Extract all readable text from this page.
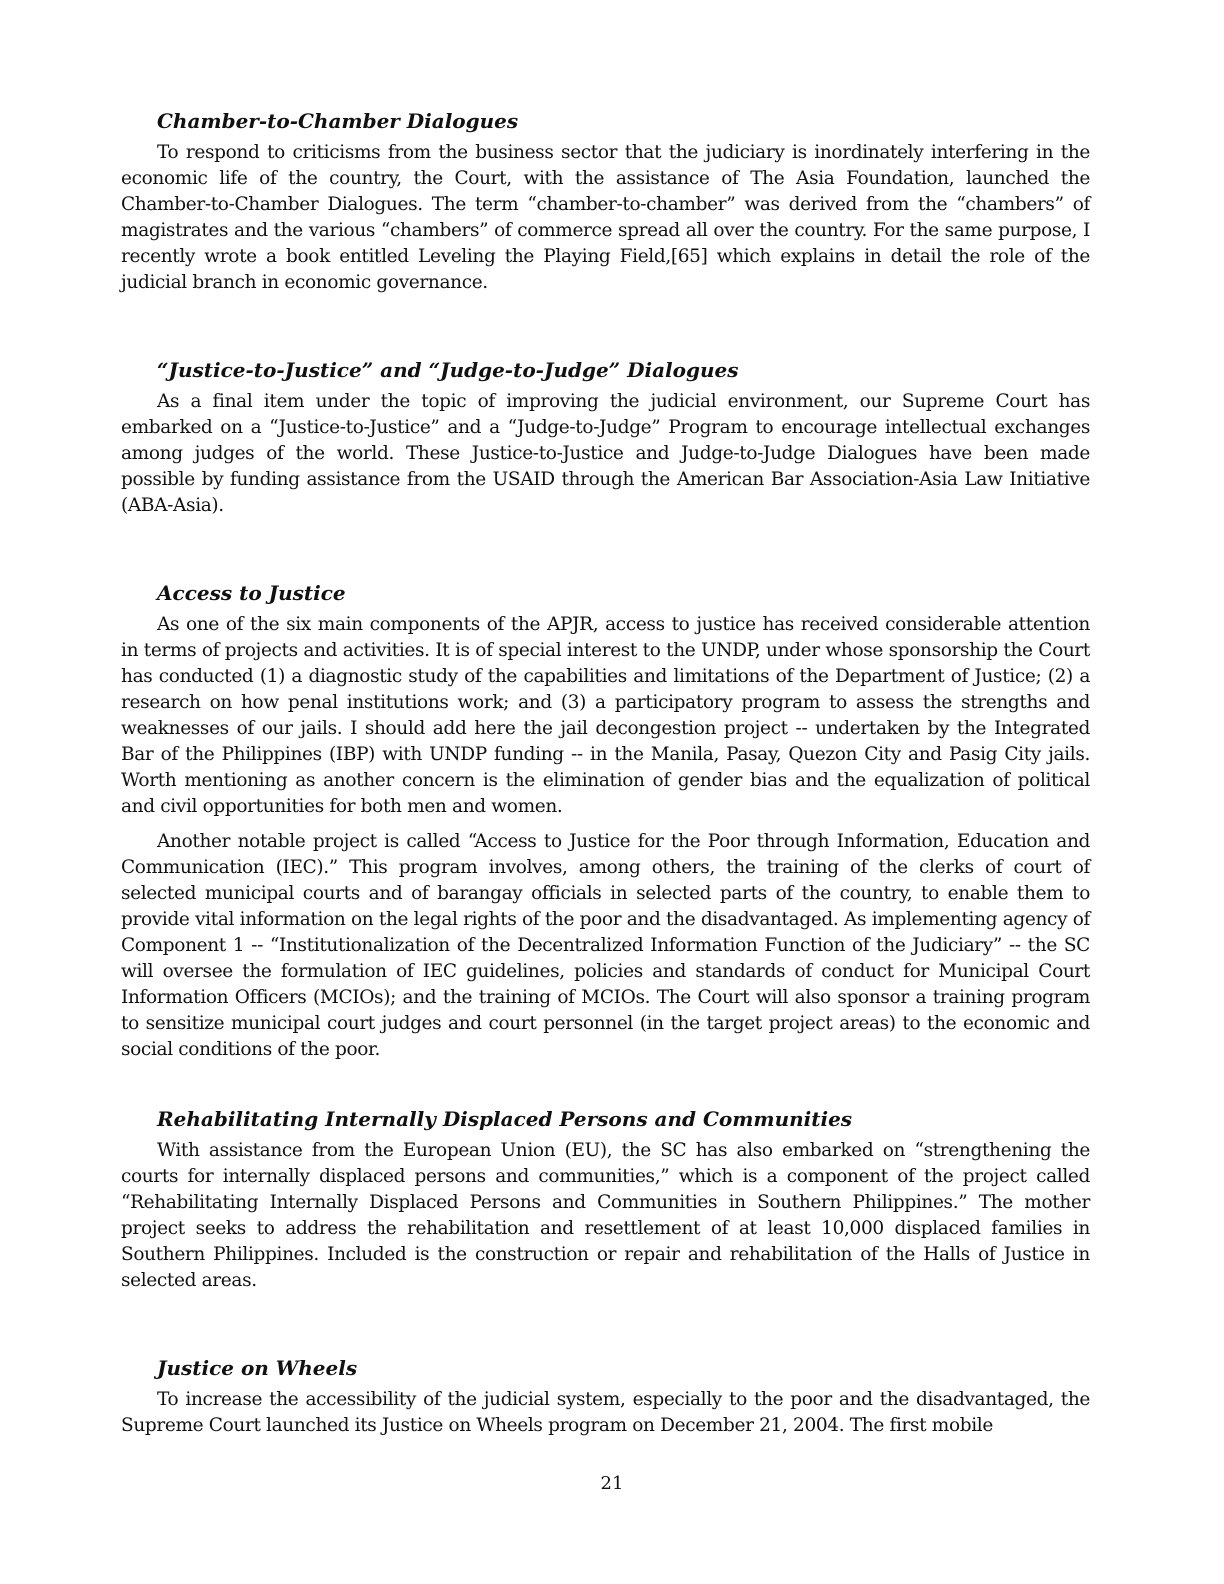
Chamber-to-Chamber Dialogues

To respond to criticisms from the business sector that the judiciary is inordinately interfering in the economic life of the country, the Court, with the assistance of The Asia Foundation, launched the Chamber-to-Chamber Dialogues. The term “chamber-to-chamber” was derived from the “chambers” of magistrates and the various “chambers” of commerce spread all over the country. For the same purpose, I recently wrote a book entitled Leveling the Playing Field,[65] which explains in detail the role of the judicial branch in economic governance.

“Justice-to-Justice” and “Judge-to-Judge” Dialogues

As a final item under the topic of improving the judicial environment, our Supreme Court has embarked on a “Justice-to-Justice” and a “Judge-to-Judge” Program to encourage intellectual exchanges among judges of the world. These Justice-to-Justice and Judge-to-Judge Dialogues have been made possible by funding assistance from the USAID through the American Bar Association-Asia Law Initiative (ABA-Asia).

Access to Justice

As one of the six main components of the APJR, access to justice has received considerable attention in terms of projects and activities. It is of special interest to the UNDP, under whose sponsorship the Court has conducted (1) a diagnostic study of the capabilities and limitations of the Department of Justice; (2) a research on how penal institutions work; and (3) a participatory program to assess the strengths and weaknesses of our jails. I should add here the jail decongestion project -- undertaken by the Integrated Bar of the Philippines (IBP) with UNDP funding -- in the Manila, Pasay, Quezon City and Pasig City jails. Worth mentioning as another concern is the elimination of gender bias and the equalization of political and civil opportunities for both men and women.

Another notable project is called “Access to Justice for the Poor through Information, Education and Communication (IEC).” This program involves, among others, the training of the clerks of court of selected municipal courts and of barangay officials in selected parts of the country, to enable them to provide vital information on the legal rights of the poor and the disadvantaged. As implementing agency of Component 1 -- “Institutionalization of the Decentralized Information Function of the Judiciary” -- the SC will oversee the formulation of IEC guidelines, policies and standards of conduct for Municipal Court Information Officers (MCIOs); and the training of MCIOs. The Court will also sponsor a training program to sensitize municipal court judges and court personnel (in the target project areas) to the economic and social conditions of the poor.

Rehabilitating Internally Displaced Persons and Communities

With assistance from the European Union (EU), the SC has also embarked on “strengthening the courts for internally displaced persons and communities,” which is a component of the project called “Rehabilitating Internally Displaced Persons and Communities in Southern Philippines.” The mother project seeks to address the rehabilitation and resettlement of at least 10,000 displaced families in Southern Philippines. Included is the construction or repair and rehabilitation of the Halls of Justice in selected areas.

Justice on Wheels

To increase the accessibility of the judicial system, especially to the poor and the disadvantaged, the Supreme Court launched its Justice on Wheels program on December 21, 2004. The first mobile

21
